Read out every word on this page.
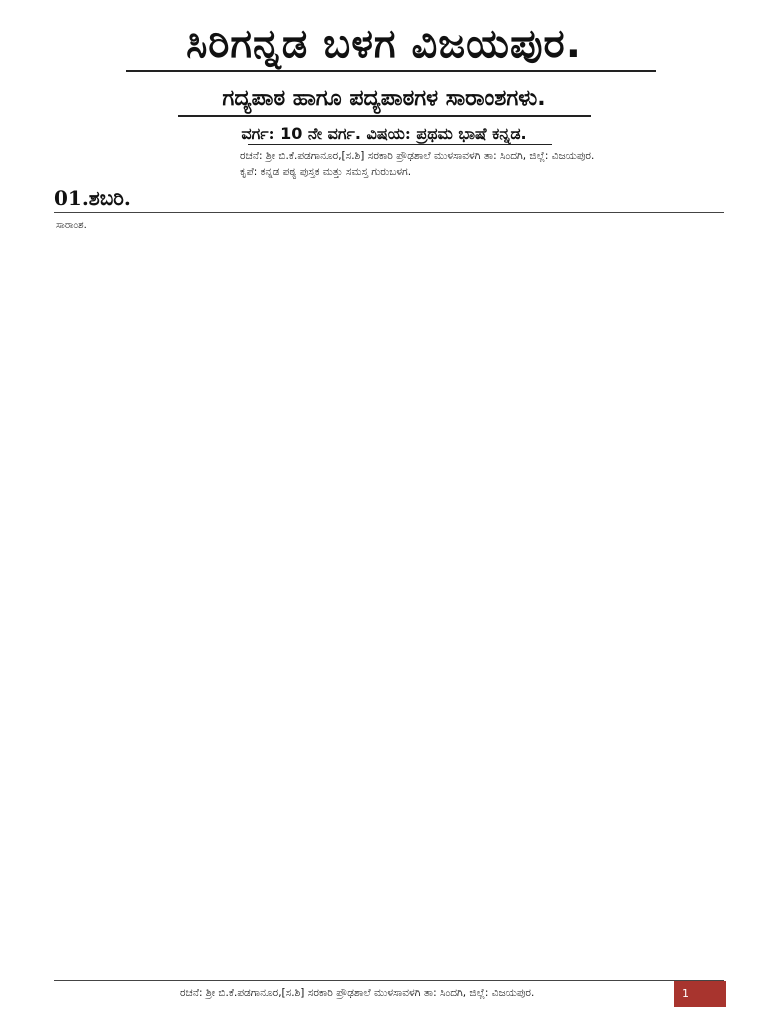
ಸಿರಿಗನ್ನಡ ಬಳಗ ವಿಜಯಪುರ.
ಗದ್ಯಪಾಠ ಹಾಗೂ ಪದ್ಯಪಾಠಗಳ ಸಾರಾಂಶಗಳು.
ವರ್ಗ: 10 ನೇ ವರ್ಗ. ವಿಷಯ: ಪ್ರಥಮ ಭಾಷೆ ಕನ್ನಡ.
ರಚನೆ: ಶ್ರೀ ಬಿ.ಕೆ.ಪಡಗಾನೂರ,[ಸ.ಶಿ] ಸರಕಾರಿ ಪ್ರೌಢಶಾಲೆ ಮುಳಸಾವಳಗಿ ತಾ: ಸಿಂದಗಿ, ಜಿಲ್ಲೆ: ವಿಜಯಪುರ.
ಕೃಪೆ: ಕನ್ನಡ ಪಠ್ಯ ಪುಸ್ತಕ ಮತ್ತು ಸಮಸ್ತ ಗುರುಬಳಗ.
01.ಶಬರಿ.

ಸಾರಾಂಶ.

ರಚನೆ: ಶ್ರೀ ಬಿ.ಕೆ.ಪಡಗಾನೂರ,[ಸ.ಶಿ] ಸರಕಾರಿ ಪ್ರೌಢಶಾಲೆ ಮುಳಸಾವಳಗಿ ತಾ: ಸಿಂದಗಿ, ಜಿಲ್ಲೆ: ವಿಜಯಪುರ.	1
